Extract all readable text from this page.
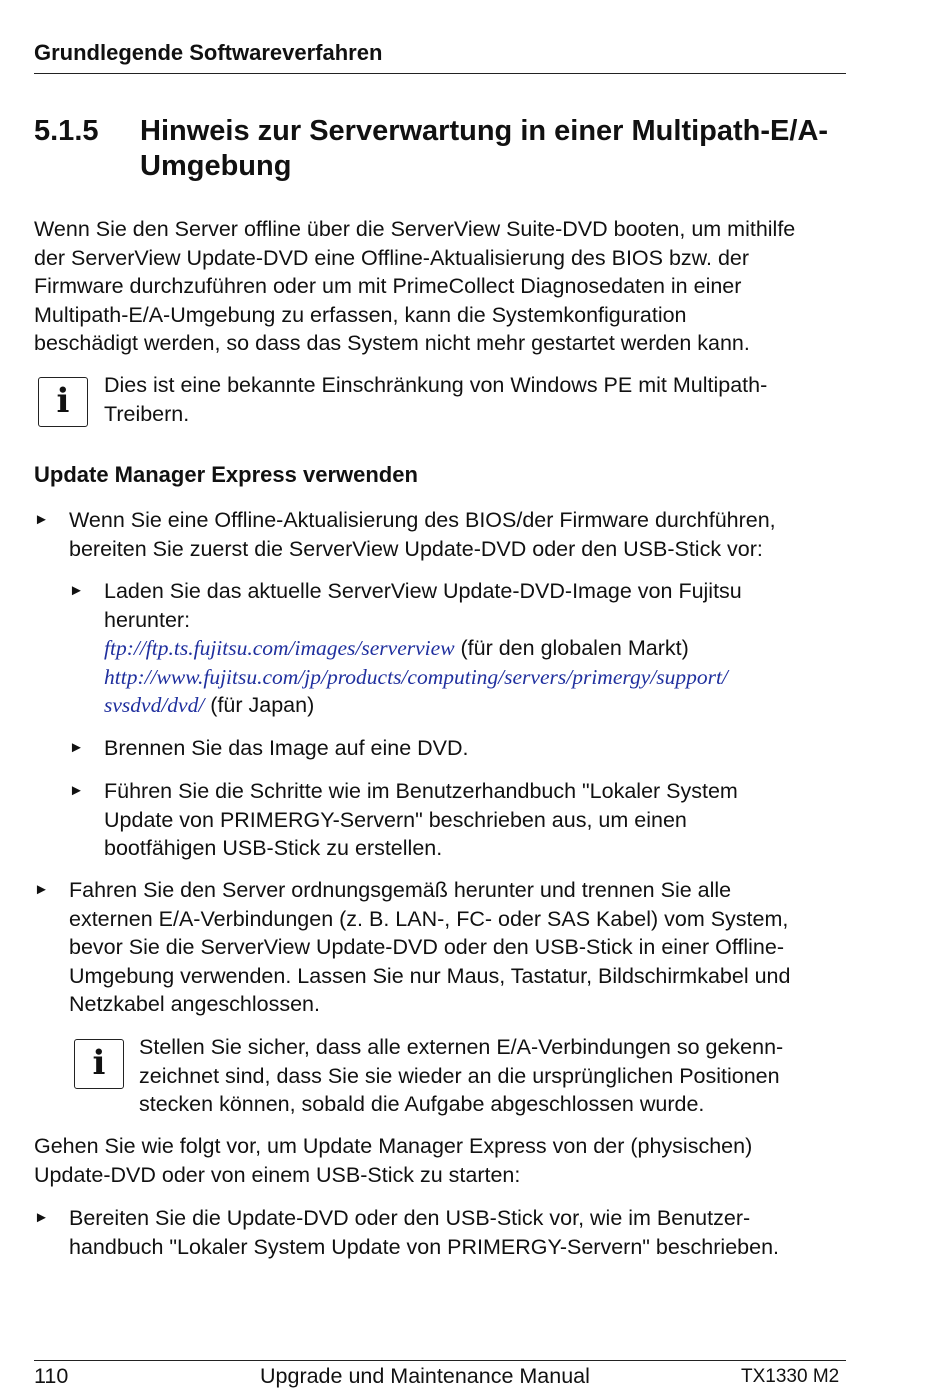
Grundlegende Softwareverfahren
5.1.5 Hinweis zur Serverwartung in einer Multipath-E/A-
Umgebung
Wenn Sie den Server offline über die ServerView Suite-DVD booten, um mithilfe
der ServerView Update-DVD eine Offline-Aktualisierung des BIOS bzw. der
Firmware durchzuführen oder um mit PrimeCollect Diagnosedaten in einer
Multipath-E/A-Umgebung zu erfassen, kann die Systemkonfiguration
beschädigt werden, so dass das System nicht mehr gestartet werden kann.
i	Dies ist eine bekannte Einschränkung von Windows PE mit Multipath-
Treibern.
Update Manager Express verwenden
► Wenn Sie eine Offline-Aktualisierung des BIOS/der Firmware durchführen,
bereiten Sie zuerst die ServerView Update-DVD oder den USB-Stick vor:
► Laden Sie das aktuelle ServerView Update-DVD-Image von Fujitsu
herunter:
ftp://ftp.ts.fujitsu.com/images/serverview (für den globalen Markt)
http://www.fujitsu.com/jp/products/computing/servers/primergy/support/
svsdvd/dvd/ (für Japan)
► Brennen Sie das Image auf eine DVD.
► Führen Sie die Schritte wie im Benutzerhandbuch "Lokaler System
Update von PRIMERGY-Servern" beschrieben aus, um einen
bootfähigen USB-Stick zu erstellen.
► Fahren Sie den Server ordnungsgemäß herunter und trennen Sie alle
externen E/A-Verbindungen (z. B. LAN-, FC- oder SAS Kabel) vom System,
bevor Sie die ServerView Update-DVD oder den USB-Stick in einer Offline-
Umgebung verwenden. Lassen Sie nur Maus, Tastatur, Bildschirmkabel und
Netzkabel angeschlossen.
i	Stellen Sie sicher, dass alle externen E/A-Verbindungen so gekenn-
zeichnet sind, dass Sie sie wieder an die ursprünglichen Positionen
stecken können, sobald die Aufgabe abgeschlossen wurde.
Gehen Sie wie folgt vor, um Update Manager Express von der (physischen)
Update-DVD oder von einem USB-Stick zu starten:
► Bereiten Sie die Update-DVD oder den USB-Stick vor, wie im Benutzer-
handbuch "Lokaler System Update von PRIMERGY-Servern" beschrieben.
110	Upgrade und Maintenance Manual	TX1330 M2
